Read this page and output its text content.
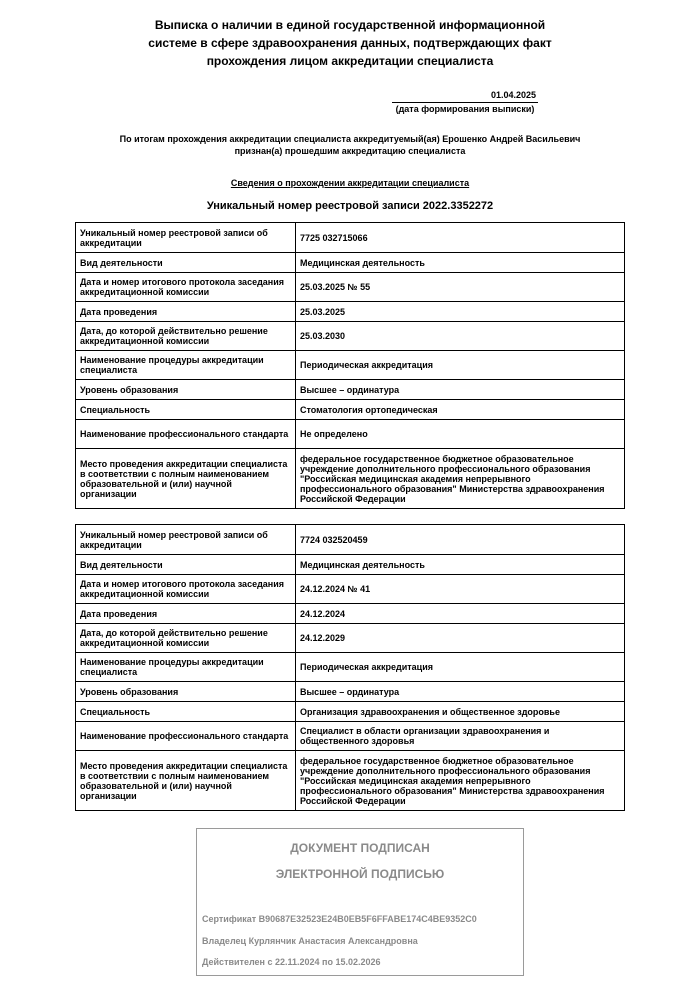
Выписка о наличии в единой государственной информационной
системе в сфере здравоохранения данных, подтверждающих факт
прохождения лицом аккредитации специалиста
01.04.2025
(дата формирования выписки)
По итогам прохождения аккредитации специалиста аккредитуемый(ая) Ерошенко Андрей Васильевич
признан(а) прошедшим аккредитацию специалиста
Сведения о прохождении аккредитации специалиста
Уникальный номер реестровой записи 2022.3352272
Уникальный номер реестровой записи об аккредитации	7725 032715066
Вид деятельности	Медицинская деятельность
Дата и номер итогового протокола заседания аккредитационной комиссии	25.03.2025 № 55
Дата проведения	25.03.2025
Дата, до которой действительно решение аккредитационной комиссии	25.03.2030
Наименование процедуры аккредитации специалиста	Периодическая аккредитация
Уровень образования	Высшее – ординатура
Специальность	Стоматология ортопедическая
Наименование профессионального стандарта	Не определено
Место проведения аккредитации специалиста в соответствии с полным наименованием образовательной и (или) научной организации	федеральное государственное бюджетное образовательное учреждение дополнительного профессионального образования "Российская медицинская академия непрерывного профессионального образования" Министерства здравоохранения Российской Федерации
Уникальный номер реестровой записи об аккредитации	7724 032520459
Вид деятельности	Медицинская деятельность
Дата и номер итогового протокола заседания аккредитационной комиссии	24.12.2024 № 41
Дата проведения	24.12.2024
Дата, до которой действительно решение аккредитационной комиссии	24.12.2029
Наименование процедуры аккредитации специалиста	Периодическая аккредитация
Уровень образования	Высшее – ординатура
Специальность	Организация здравоохранения и общественное здоровье
Наименование профессионального стандарта	Специалист в области организации здравоохранения и общественного здоровья
Место проведения аккредитации специалиста в соответствии с полным наименованием образовательной и (или) научной организации	федеральное государственное бюджетное образовательное учреждение дополнительного профессионального образования "Российская медицинская академия непрерывного профессионального образования" Министерства здравоохранения Российской Федерации
ДОКУМЕНТ ПОДПИСАН
ЭЛЕКТРОННОЙ ПОДПИСЬЮ
Сертификат B90687E32523E24B0EB5F6FFABE174C4BE9352C0
Владелец Курлянчик Анастасия Александровна
Действителен с 22.11.2024 по 15.02.2026
